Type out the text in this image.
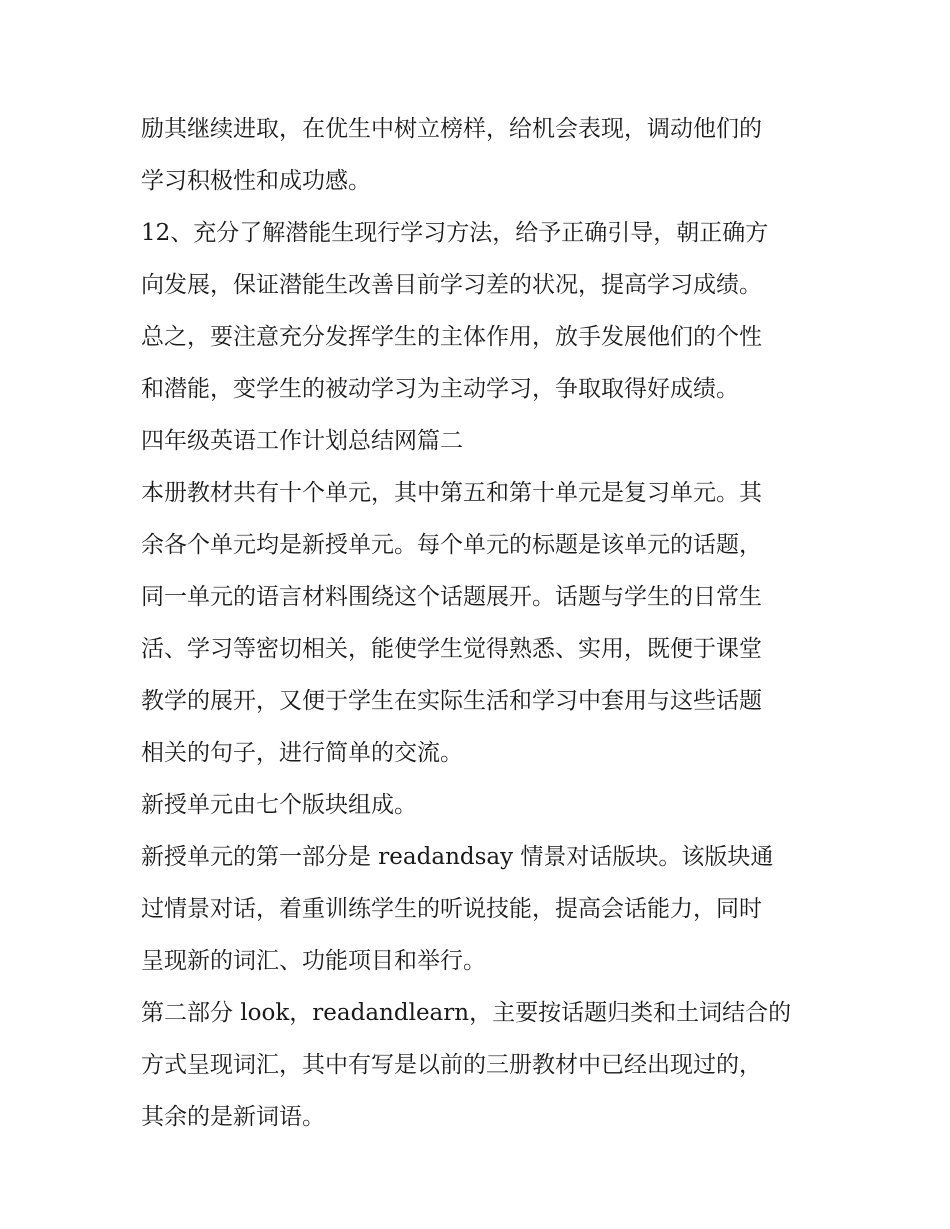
励其继续进取，在优生中树立榜样，给机会表现，调动他们的
学习积极性和成功感。
12、充分了解潜能生现行学习方法，给予正确引导，朝正确方
向发展，保证潜能生改善目前学习差的状况，提高学习成绩。
总之，要注意充分发挥学生的主体作用，放手发展他们的个性
和潜能，变学生的被动学习为主动学习，争取取得好成绩。
四年级英语工作计划总结网篇二
本册教材共有十个单元，其中第五和第十单元是复习单元。其
余各个单元均是新授单元。每个单元的标题是该单元的话题，
同一单元的语言材料围绕这个话题展开。话题与学生的日常生
活、学习等密切相关，能使学生觉得熟悉、实用，既便于课堂
教学的展开，又便于学生在实际生活和学习中套用与这些话题
相关的句子，进行简单的交流。
新授单元由七个版块组成。
新授单元的第一部分是 readandsay 情景对话版块。该版块通
过情景对话，着重训练学生的听说技能，提高会话能力，同时
呈现新的词汇、功能项目和举行。
第二部分 look，readandlearn，主要按话题归类和土词结合的
方式呈现词汇，其中有写是以前的三册教材中已经出现过的，
其余的是新词语。
